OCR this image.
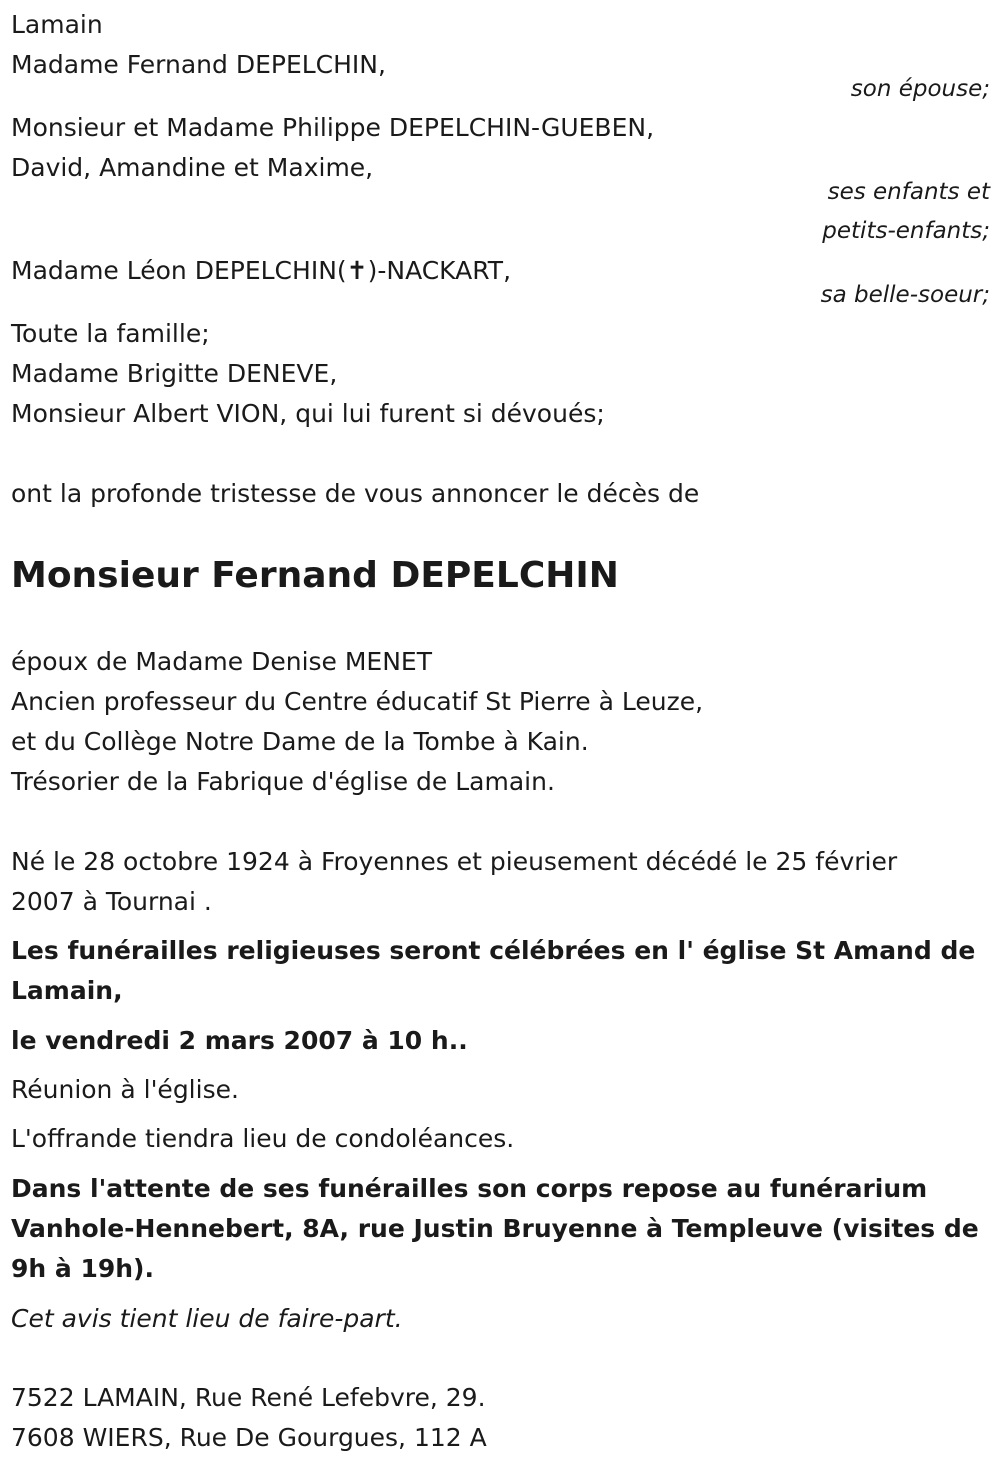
Lamain
Madame Fernand DEPELCHIN,
son épouse;
Monsieur et Madame Philippe DEPELCHIN-GUEBEN,
David, Amandine et Maxime,
ses enfants et
petits-enfants;
Madame Léon DEPELCHIN(✝)-NACKART,
sa belle-soeur;
Toute la famille;
Madame Brigitte DENEVE,
Monsieur Albert VION, qui lui furent si dévoués;
ont la profonde tristesse de vous annoncer le décès de
Monsieur Fernand DEPELCHIN
époux de Madame Denise MENET
Ancien professeur du Centre éducatif St Pierre à Leuze,
et du Collège Notre Dame de la Tombe à Kain.
Trésorier de la Fabrique d'église de Lamain.
Né le 28 octobre 1924 à Froyennes et pieusement décédé le 25 février
2007 à Tournai .
Les funérailles religieuses seront célébrées en l' église St Amand de
Lamain,
le vendredi 2 mars 2007 à 10 h..
Réunion à l'église.
L'offrande tiendra lieu de condoléances.
Dans l'attente de ses funérailles son corps repose au funérarium
Vanhole-Hennebert, 8A, rue Justin Bruyenne à Templeuve (visites de
9h à 19h).
Cet avis tient lieu de faire-part.
7522 LAMAIN, Rue René Lefebvre, 29.
7608 WIERS, Rue De Gourgues, 112 A
